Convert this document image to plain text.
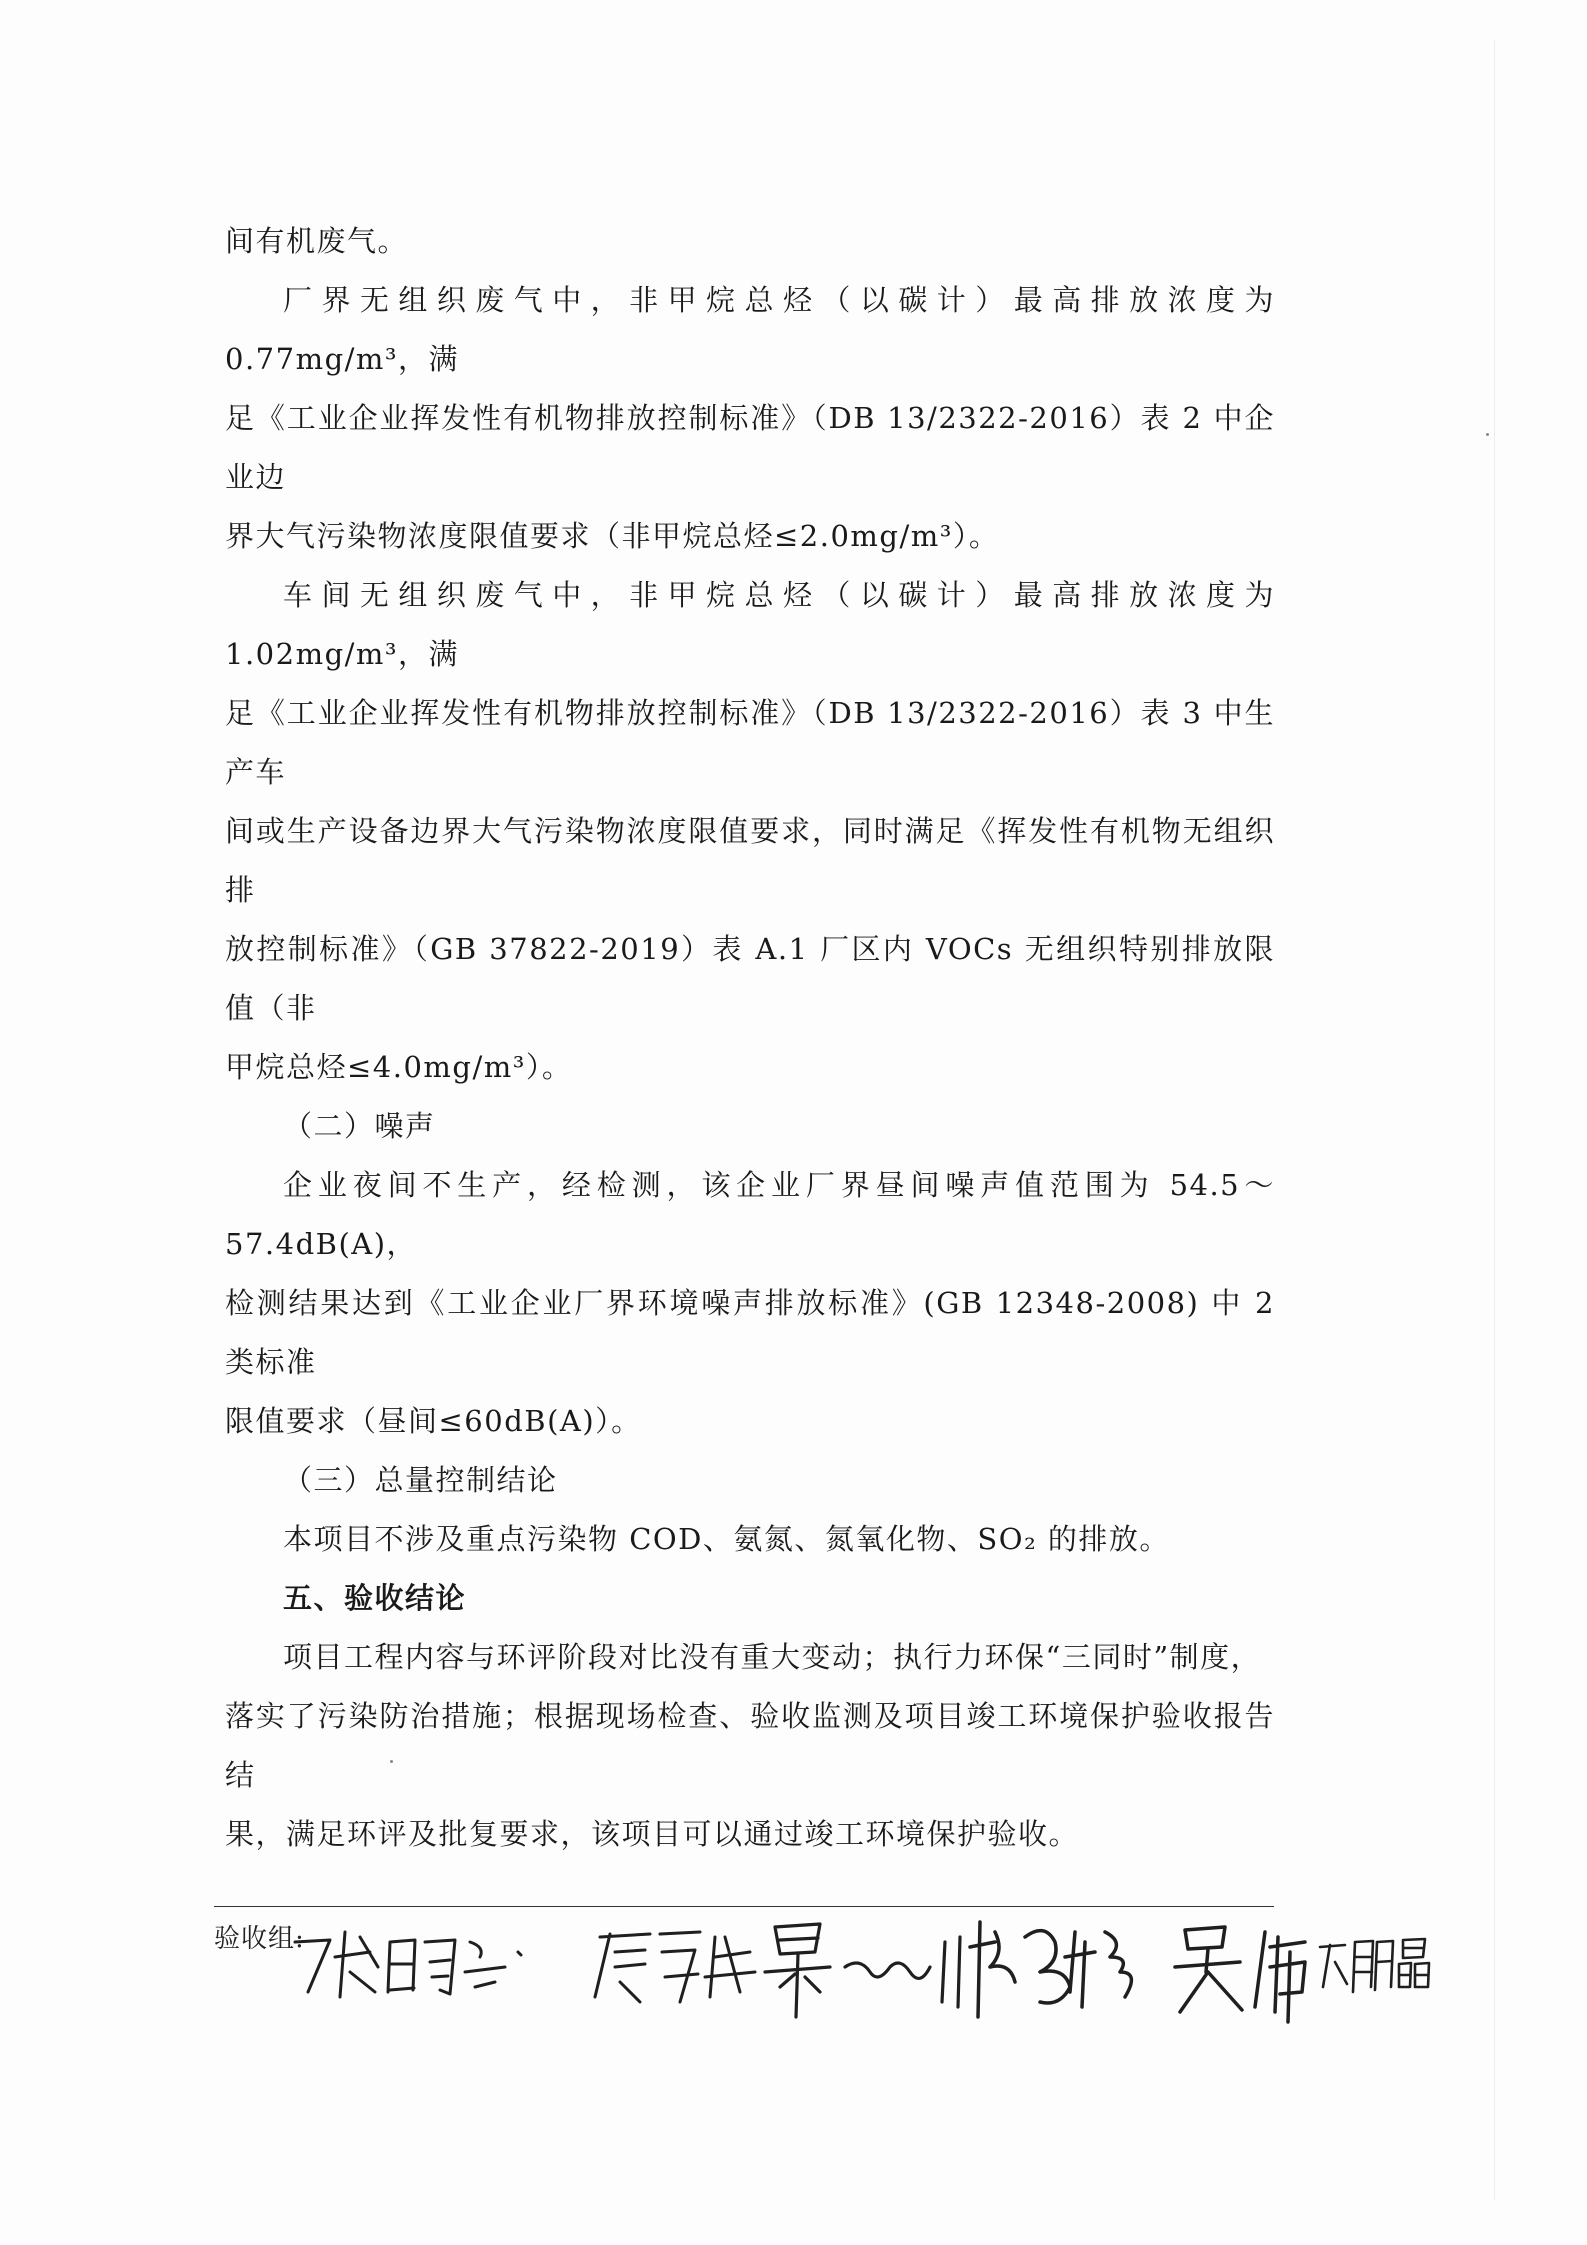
间有机废气。

厂界无组织废气中，非甲烷总烃（以碳计）最高排放浓度为 0.77mg/m³，满
足《工业企业挥发性有机物排放控制标准》（DB 13/2322-2016）表 2 中企业边
界大气污染物浓度限值要求（非甲烷总烃≤2.0mg/m³）。

车间无组织废气中，非甲烷总烃（以碳计）最高排放浓度为 1.02mg/m³，满
足《工业企业挥发性有机物排放控制标准》（DB 13/2322-2016）表 3 中生产车
间或生产设备边界大气污染物浓度限值要求，同时满足《挥发性有机物无组织排
放控制标准》（GB 37822-2019）表 A.1 厂区内 VOCs 无组织特别排放限值（非
甲烷总烃≤4.0mg/m³）。

（二）噪声

企业夜间不生产，经检测，该企业厂界昼间噪声值范围为 54.5～57.4dB(A)，
检测结果达到《工业企业厂界环境噪声排放标准》(GB 12348-2008) 中 2 类标准
限值要求（昼间≤60dB(A)）。

（三）总量控制结论

本项目不涉及重点污染物 COD、氨氮、氮氧化物、SO₂ 的排放。

五、验收结论

项目工程内容与环评阶段对比没有重大变动；执行力环保“三同时”制度，
落实了污染防治措施；根据现场检查、验收监测及项目竣工环境保护验收报告结
果，满足环评及批复要求，该项目可以通过竣工环境保护验收。

验收组:
